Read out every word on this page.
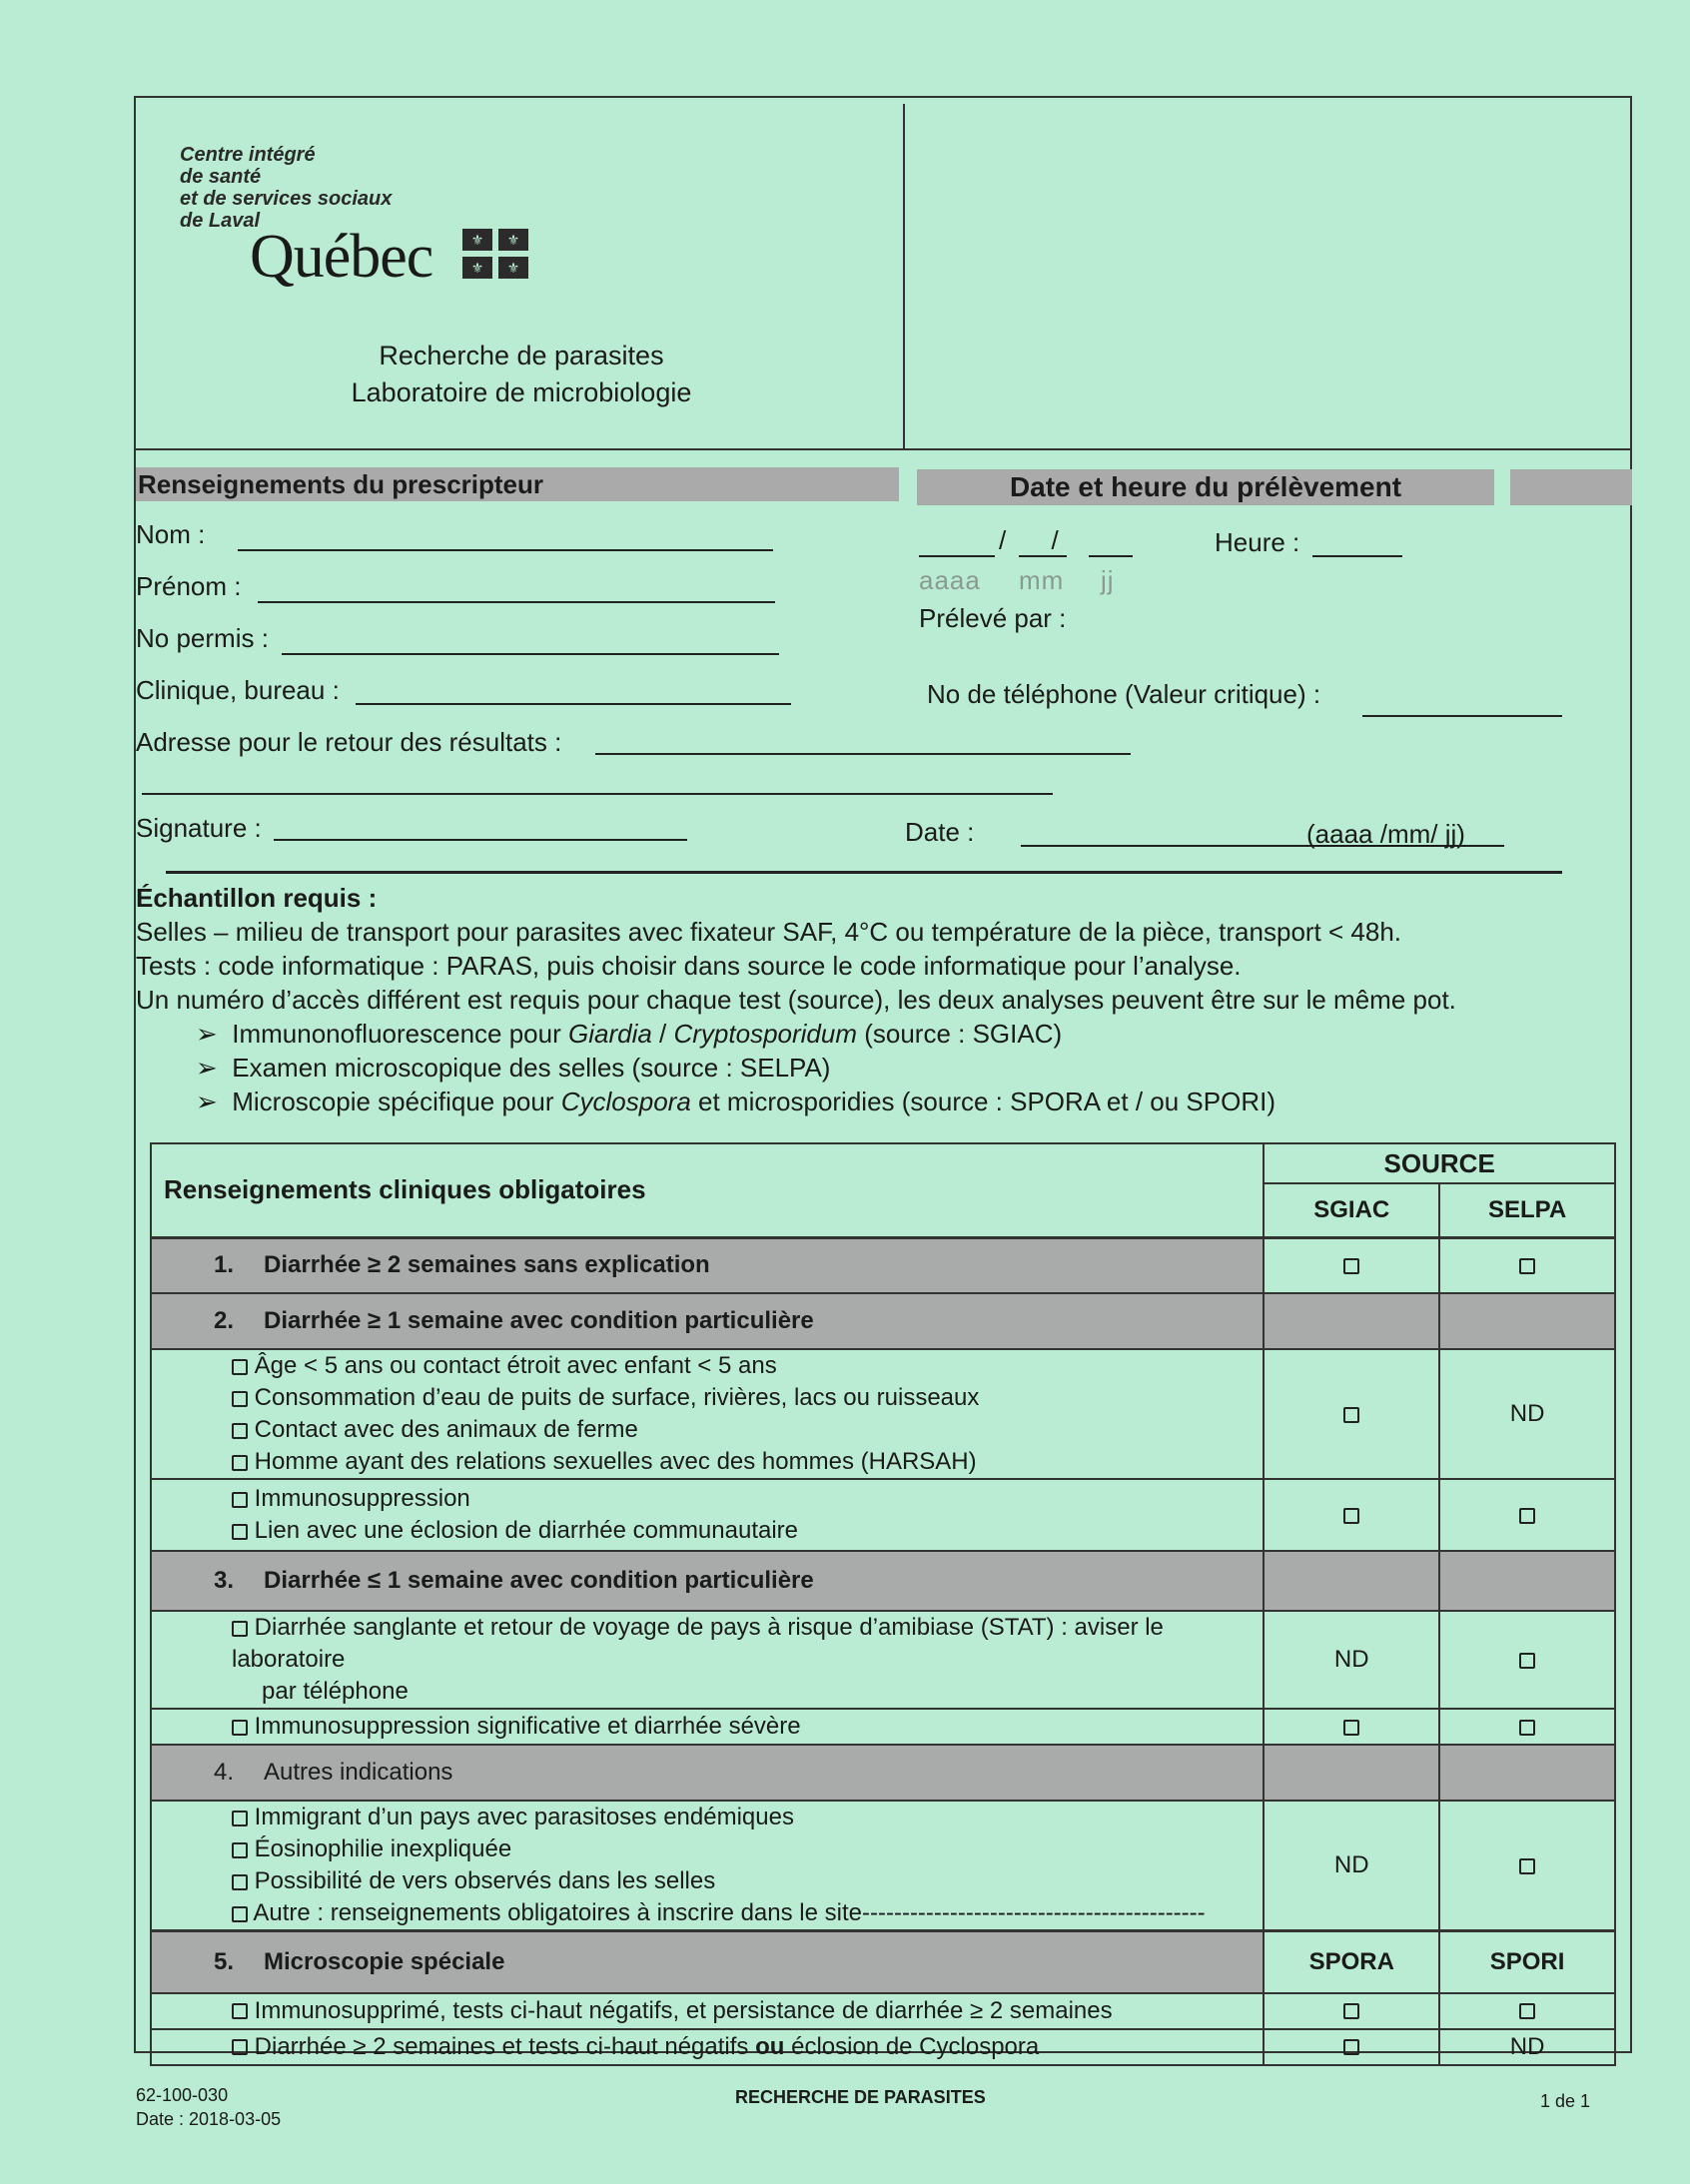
Centre intégré
de santé
et de services sociaux
de Laval
Québec	⚜	⚜
⚜	⚜
Recherche de parasites
Laboratoire de microbiologie
Renseignements du prescripteur	Date et heure du prélèvement
Nom :
Prénom :
No permis :
Clinique, bureau :
Adresse pour le retour des résultats :
Signature :	Date :	(aaaa /mm/ jj)
/ /
aaaa mm jj
Heure :
Prélevé par :
No de téléphone (Valeur critique) :
Échantillon requis :
Selles – milieu de transport pour parasites avec fixateur SAF, 4°C ou température de la pièce, transport < 48h.
Tests : code informatique : PARAS, puis choisir dans source le code informatique pour l’analyse.
Un numéro d’accès différent est requis pour chaque test (source), les deux analyses peuvent être sur le même pot.
➢  Immunonofluorescence pour Giardia / Cryptosporidum (source : SGIAC)
➢  Examen microscopique des selles (source : SELPA)
➢  Microscopie spécifique pour Cyclospora et microsporidies (source : SPORA et / ou SPORI)
Renseignements cliniques obligatoires	SOURCE	
	SGIAC	SELPA
1. Diarrhée ≥ 2 semaines sans explication		
2. Diarrhée ≥ 1 semaine avec condition particulière		

Âge < 5 ans ou contact étroit avec enfant < 5 ans
Consommation d’eau de puits de surface, rivières, lacs ou ruisseaux
Contact avec des animaux de ferme
Homme ayant des relations sexuelles avec des hommes (HARSAH)		ND

Immunosuppression
Lien avec une éclosion de diarrhée communautaire		

3. Diarrhée ≤ 1 semaine avec condition particulière		

Diarrhée sanglante et retour de voyage de pays à risque d’amibiase (STAT) : aviser le laboratoire
par téléphone	ND	

Immunosuppression significative et diarrhée sévère		

4. Autres indications		

Immigrant d’un pays avec parasitoses endémiques
Éosinophilie inexpliquée
Possibilité de vers observés dans les selles
Autre : renseignements obligatoires à inscrire dans le site-------------------------------------------	ND	
5. Microscopie spéciale	SPORA	SPORI

Immunosupprimé, tests ci-haut négatifs, et persistance de diarrhée ≥ 2 semaines		

Diarrhée ≥ 2 semaines et tests ci-haut négatifs ou éclosion de Cyclospora		ND
62-100-030
Date : 2018-03-05
RECHERCHE DE PARASITES	1 de 1
